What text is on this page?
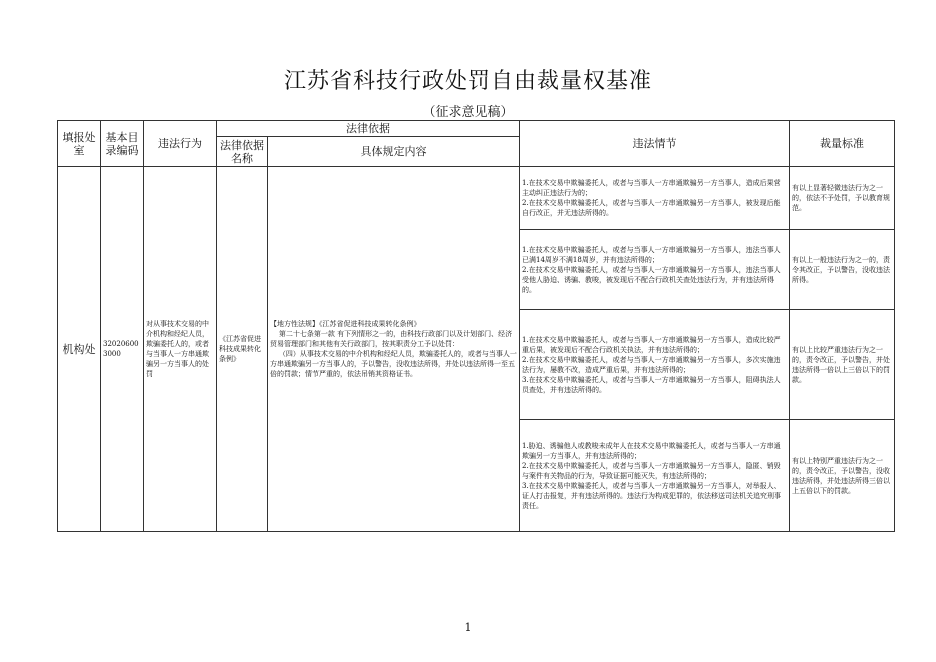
江苏省科技行政处罚自由裁量权基准
（征求意见稿）
填报处室	基本目录编码	违法行为	法律依据		违法情节	裁量标准
			法律依据名称	具体规定内容		
机构处	320206003000	对从事技术交易的中介机构和经纪人员，欺骗委托人的，或者与当事人一方串通欺骗另一方当事人的处罚	《江苏省促进科技成果转化条例》	【地方性法规】《江苏省促进科技成果转化条例》
第二十七条第一款 有下列情形之一的，由科技行政部门以及计划部门、经济贸易管理部门和其他有关行政部门，按其职责分工予以处罚：
（四）从事技术交易的中介机构和经纪人员，欺骗委托人的，或者与当事人一方串通欺骗另一方当事人的，予以警告，没收违法所得，并处以违法所得一至五倍的罚款；情节严重的，依法吊销其资格证书。	1.在技术交易中欺骗委托人，或者与当事人一方串通欺骗另一方当事人，造成后果营主动纠正违法行为的；
2.在技术交易中欺骗委托人，或者与当事人一方串通欺骗另一方当事人，被发现后能自行改正，并无违法所得的。	有以上显著轻微违法行为之一的，依法不予处罚，予以教育规范。

					1.在技术交易中欺骗委托人，或者与当事人一方串通欺骗另一方当事人，违法当事人已满14周岁不满18周岁，并有违法所得的；
2.在技术交易中欺骗委托人，或者与当事人一方串通欺骗另一方当事人，违法当事人受他人胁迫、诱骗、教唆，被发现后不配合行政机关查处违法行为，并有违法所得的。	有以上一般违法行为之一的，责令其改正，予以警告，没收违法所得。

					1.在技术交易中欺骗委托人，或者与当事人一方串通欺骗另一方当事人，造成比较严重后果，被发现后不配合行政机关执法，并有违法所得的；
2.在技术交易中欺骗委托人，或者与当事人一方串通欺骗另一方当事人，多次实施违法行为，屡教不改，造成严重后果，并有违法所得的；
3.在技术交易中欺骗委托人，或者与当事人一方串通欺骗另一方当事人，阻碍执法人员查处，并有违法所得的。	有以上比较严重违法行为之一的，责令改正，予以警告，并处违法所得一倍以上三倍以下的罚款。

					1.胁迫、诱骗他人或教唆未成年人在技术交易中欺骗委托人，或者与当事人一方串通欺骗另一方当事人，并有违法所得的；
2.在技术交易中欺骗委托人，或者与当事人一方串通欺骗另一方当事人，隐匿、销毁与案件有关物品的行为，导致证据可能灭失，有违法所得的；
3.在技术交易中欺骗委托人，或者与当事人一方串通欺骗另一方当事人，对举报人、证人打击报复，并有违法所得的。违法行为构成犯罪的，依法移送司法机关追究刑事责任。	有以上特别严重违法行为之一的，责令改正，予以警告，没收违法所得，并处违法所得三倍以上五倍以下的罚款。

1
